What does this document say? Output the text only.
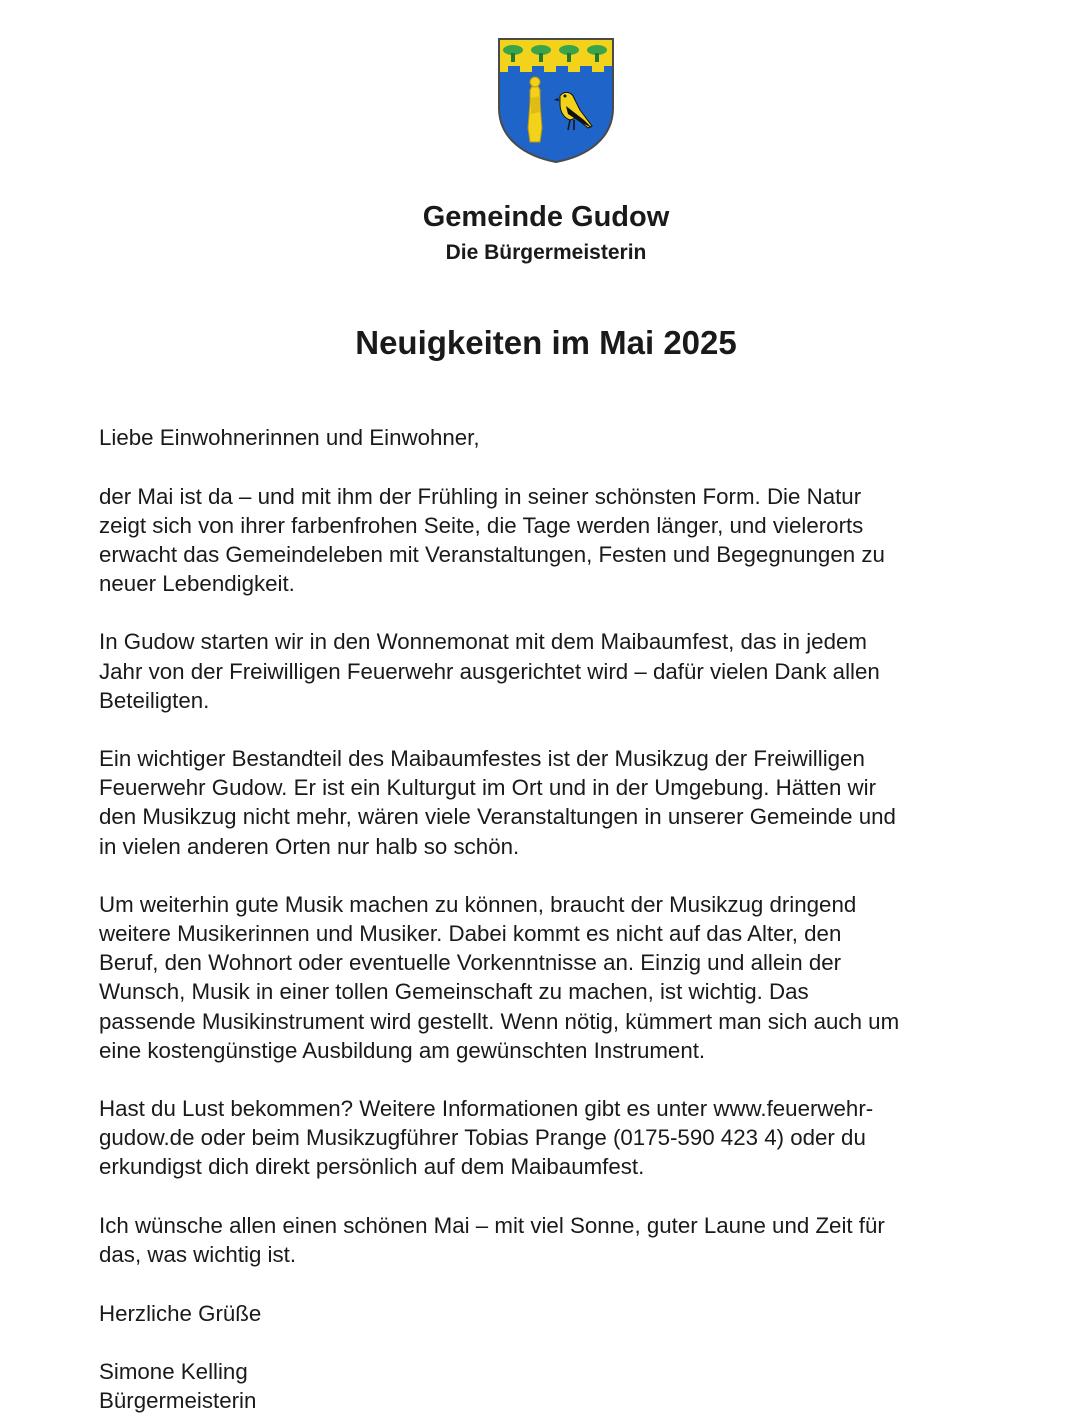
Gemeinde Gudow
Die Bürgermeisterin
Neuigkeiten im Mai 2025

Liebe Einwohnerinnen und Einwohner,

der Mai ist da – und mit ihm der Frühling in seiner schönsten Form. Die Natur
zeigt sich von ihrer farbenfrohen Seite, die Tage werden länger, und vielerorts
erwacht das Gemeindeleben mit Veranstaltungen, Festen und Begegnungen zu
neuer Lebendigkeit.

In Gudow starten wir in den Wonnemonat mit dem Maibaumfest, das in jedem
Jahr von der Freiwilligen Feuerwehr ausgerichtet wird – dafür vielen Dank allen
Beteiligten.

Ein wichtiger Bestandteil des Maibaumfestes ist der Musikzug der Freiwilligen
Feuerwehr Gudow. Er ist ein Kulturgut im Ort und in der Umgebung. Hätten wir
den Musikzug nicht mehr, wären viele Veranstaltungen in unserer Gemeinde und
in vielen anderen Orten nur halb so schön.

Um weiterhin gute Musik machen zu können, braucht der Musikzug dringend
weitere Musikerinnen und Musiker. Dabei kommt es nicht auf das Alter, den
Beruf, den Wohnort oder eventuelle Vorkenntnisse an. Einzig und allein der
Wunsch, Musik in einer tollen Gemeinschaft zu machen, ist wichtig. Das
passende Musikinstrument wird gestellt. Wenn nötig, kümmert man sich auch um
eine kostengünstige Ausbildung am gewünschten Instrument.

Hast du Lust bekommen? Weitere Informationen gibt es unter www.feuerwehr-
gudow.de oder beim Musikzugführer Tobias Prange (0175-590 423 4) oder du
erkundigst dich direkt persönlich auf dem Maibaumfest.

Ich wünsche allen einen schönen Mai – mit viel Sonne, guter Laune und Zeit für
das, was wichtig ist.

Herzliche Grüße

Simone Kelling
Bürgermeisterin
